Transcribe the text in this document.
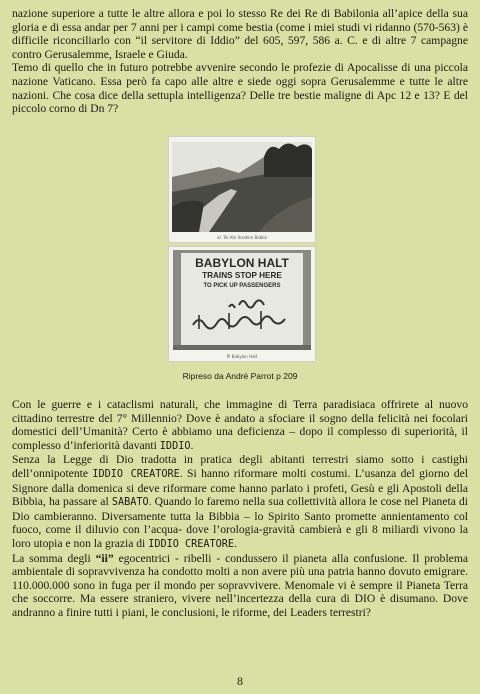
nazione superiore a tutte le altre allora e poi lo stesso Re dei Re di Babilonia all’apice della sua gloria e di essa andar per 7 anni per i campi come bestia (come i miei studi vi ridanno (570-563) è difficile riconciliarlo con “il servitore di Iddio” del 605, 597, 586 a. C. e di altre 7 campagne contro Gerusalemme, Israele e Giuda.

Temo di quello che in futuro potrebbe avvenire secondo le profezie di Apocalisse di una piccola nazione Vaticano. Essa però fa capo alle altre e siede oggi sopra Gerusalemme e tutte le altre nazioni. Che cosa dice della settupla intelligenza? Delle tre bestie maligne di Apc 12 e 13? E del piccolo corno di Dn 7?

al. Tel Ahr Ibrahim Babilo
BABYLON HALT
TRAINS STOP HERE
TO PICK UP PASSENGERS
Pl Babylon Halt
Ripreso da André Parrot p 209

Con le guerre e i cataclismi naturali, che immagine di Terra paradisiaca offrirete al nuovo cittadino terrestre del 7° Millennio? Dove è andato a sfociare il sogno della felicità nei focolari domestici dell’Umanità? Certo è abbiamo una deficienza – dopo il complesso di superiorità, il complesso d’inferiorità davanti IDDIO.

Senza la Legge di Dio tradotta in pratica degli abitanti terrestri siamo sotto i castighi dell’onnipotente IDDIO CREATORE. Si hanno riformare molti costumi. L’usanza del giorno del Signore dalla domenica si deve riformare come hanno parlato i profeti, Gesù e gli Apostoli della Bibbia, ha passare al SABATO. Quando lo faremo nella sua collettività allora le cose nel Pianeta di Dio cambieranno. Diversamente tutta la Bibbia – lo Spirito Santo promette annientamento col fuoco, come il diluvio con l’acqua- dove l’orologia-gravità cambierà e gli 8 miliardi vivono la loro utopia e non la grazia di IDDIO CREATORE.

La somma degli “ii” egocentrici - ribelli - condussero il pianeta alla confusione. Il problema ambientale di sopravvivenza ha condotto molti a non avere più una patria hanno dovuto emigrare. 110.000.000 sono in fuga per il mondo per sopravvivere. Menomale vi è sempre il Pianeta Terra che soccorre. Ma essere straniero, vivere nell’incertezza della cura di DIO è disumano. Dove andranno a finire tutti i piani, le conclusioni, le riforme, dei Leaders terrestri?

8
